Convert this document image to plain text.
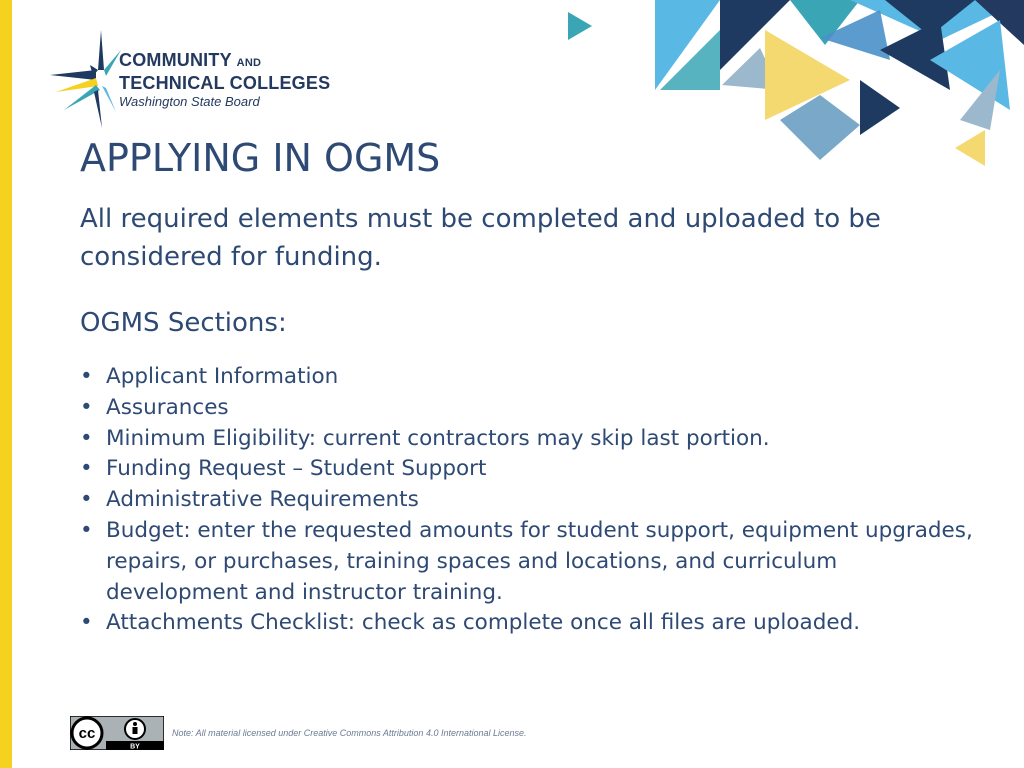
COMMUNITY AND
TECHNICAL COLLEGES
Washington State Board
APPLYING IN OGMS

All required elements must be completed and uploaded to be considered for funding.

OGMS Sections:

• Applicant Information
• Assurances
• Minimum Eligibility: current contractors may skip last portion.
• Funding Request – Student Support
• Administrative Requirements
• Budget: enter the requested amounts for student support, equipment upgrades, repairs, or purchases, training spaces and locations, and curriculum development and instructor training.
• Attachments Checklist: check as complete once all files are uploaded.
cc
BY

Note: All material licensed under Creative Commons Attribution 4.0 International License.
